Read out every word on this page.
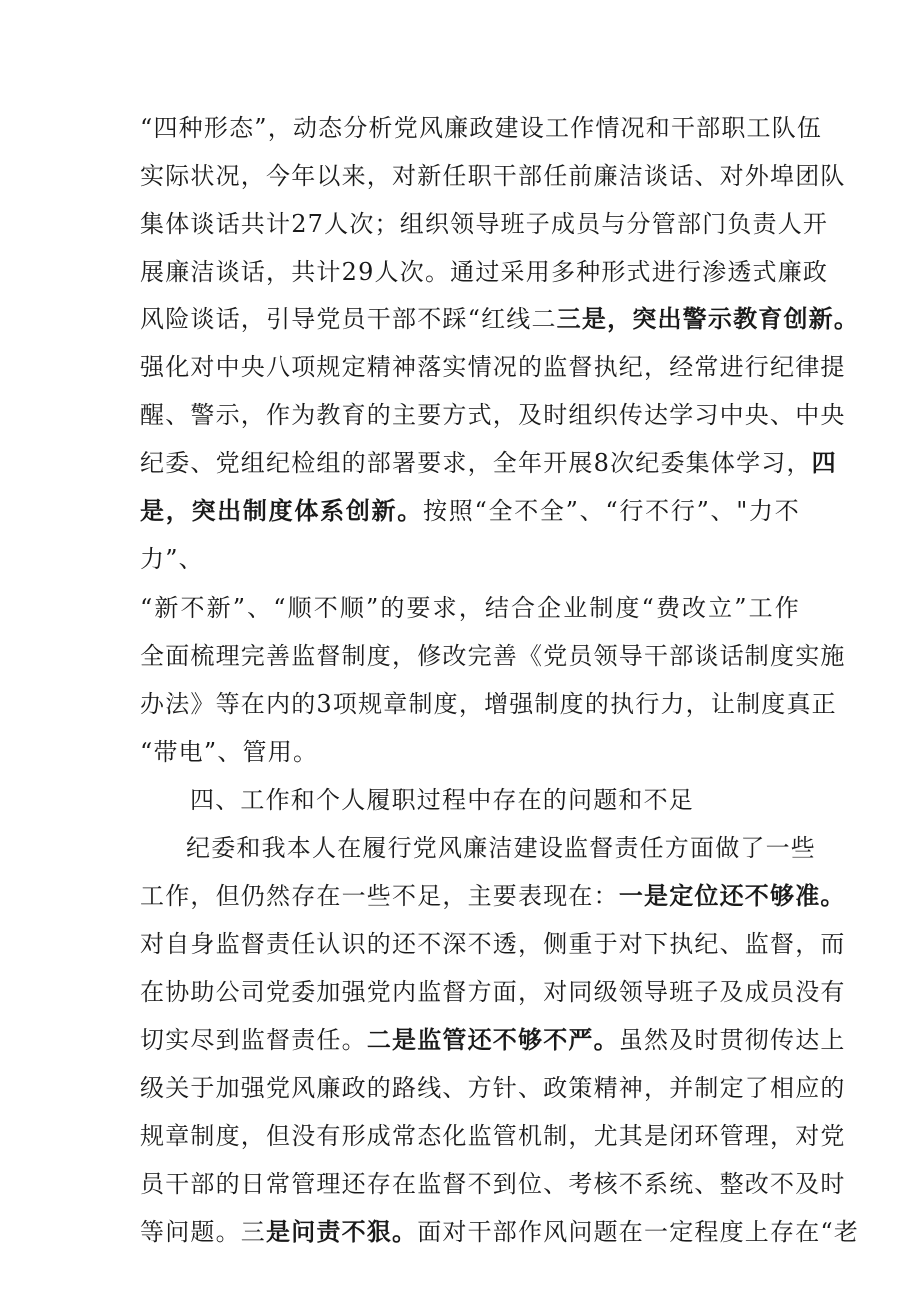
“四种形态”，动态分析党风廉政建设工作情况和干部职工队伍
实际状况，今年以来，对新任职干部任前廉洁谈话、对外埠团队
集体谈话共计27人次；组织领导班子成员与分管部门负责人开
展廉洁谈话，共计29人次。通过采用多种形式进行渗透式廉政
风险谈话，引导党员干部不踩“红线二三是，突出警示教育创新。
强化对中央八项规定精神落实情况的监督执纪，经常进行纪律提
醒、警示，作为教育的主要方式，及时组织传达学习中央、中央
纪委、党组纪检组的部署要求，全年开展8次纪委集体学习，四
是，突出制度体系创新。按照“全不全”、“行不行”、"力不
力”、
“新不新”、“顺不顺”的要求，结合企业制度“费改立”工作
全面梳理完善监督制度，修改完善《党员领导干部谈话制度实施
办法》等在内的3项规章制度，增强制度的执行力，让制度真正
“带电”、管用。
四、工作和个人履职过程中存在的问题和不足
纪委和我本人在履行党风廉洁建设监督责任方面做了一些
工作，但仍然存在一些不足，主要表现在：一是定位还不够准。
对自身监督责任认识的还不深不透，侧重于对下执纪、监督，而
在协助公司党委加强党内监督方面，对同级领导班子及成员没有
切实尽到监督责任。二是监管还不够不严。虽然及时贯彻传达上
级关于加强党风廉政的路线、方针、政策精神，并制定了相应的
规章制度，但没有形成常态化监管机制，尤其是闭环管理，对党
员干部的日常管理还存在监督不到位、考核不系统、整改不及时
等问题。三是问责不狠。面对干部作风问题在一定程度上存在“老
